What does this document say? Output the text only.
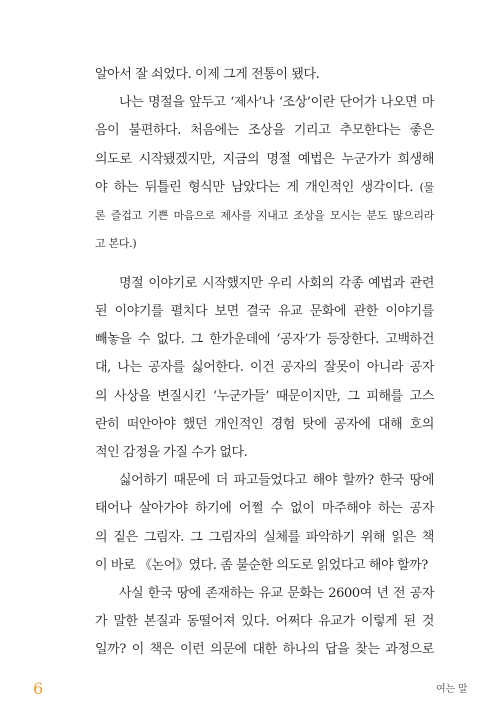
알아서 잘 쇠었다. 이제 그게 전통이 됐다.
나는 명절을 앞두고 ‘제사’나 ‘조상’이란 단어가 나오면 마
음이 불편하다. 처음에는 조상을 기리고 추모한다는 좋은
의도로 시작됐겠지만, 지금의 명절 예법은 누군가가 희생해
야 하는 뒤틀린 형식만 남았다는 게 개인적인 생각이다. (물
론 즐겁고 기쁜 마음으로 제사를 지내고 조상을 모시는 분도 많으리라
고 본다.)
명절 이야기로 시작했지만 우리 사회의 각종 예법과 관련
된 이야기를 펼치다 보면 결국 유교 문화에 관한 이야기를
빼놓을 수 없다. 그 한가운데에 ‘공자’가 등장한다. 고백하건
대, 나는 공자를 싫어한다. 이건 공자의 잘못이 아니라 공자
의 사상을 변질시킨 ‘누군가들’ 때문이지만, 그 피해를 고스
란히 떠안아야 했던 개인적인 경험 탓에 공자에 대해 호의
적인 감정을 가질 수가 없다.
싫어하기 때문에 더 파고들었다고 해야 할까? 한국 땅에
태어나 살아가야 하기에 어쩔 수 없이 마주해야 하는 공자
의 짙은 그림자. 그 그림자의 실체를 파악하기 위해 읽은 책
이 바로 《논어》였다. 좀 불순한 의도로 읽었다고 해야 할까?
사실 한국 땅에 존재하는 유교 문화는 2600여 년 전 공자
가 말한 본질과 동떨어져 있다. 어쩌다 유교가 이렇게 된 것
일까? 이 책은 이런 의문에 대한 하나의 답을 찾는 과정으로
6	여는 말
